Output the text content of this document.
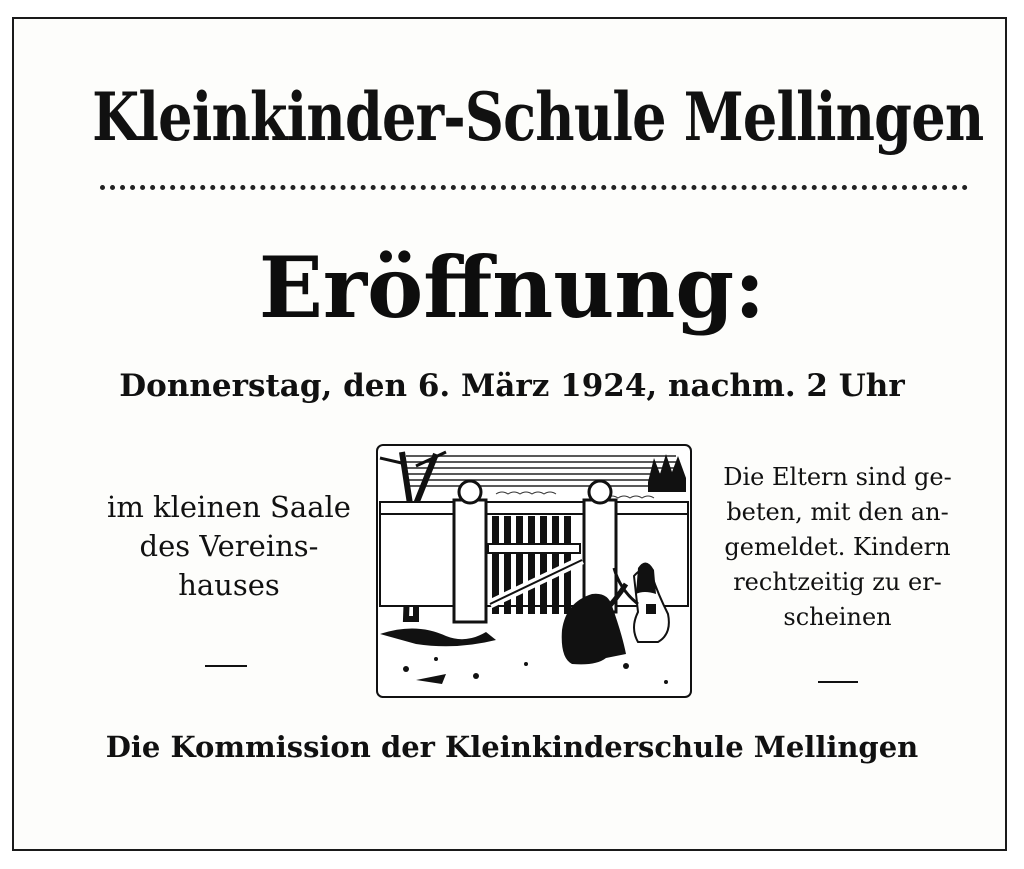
Kleinkinder-Schule Mellingen
Eröffnung:
Donnerstag, den 6. März 1924, nachm. 2 Uhr
im kleinen Saale
des Vereins-
hauses
Die Eltern sind ge-
beten, mit den an-
gemeldet. Kindern
rechtzeitig zu er-
scheinen
Die Kommission der Kleinkinderschule Mellingen
